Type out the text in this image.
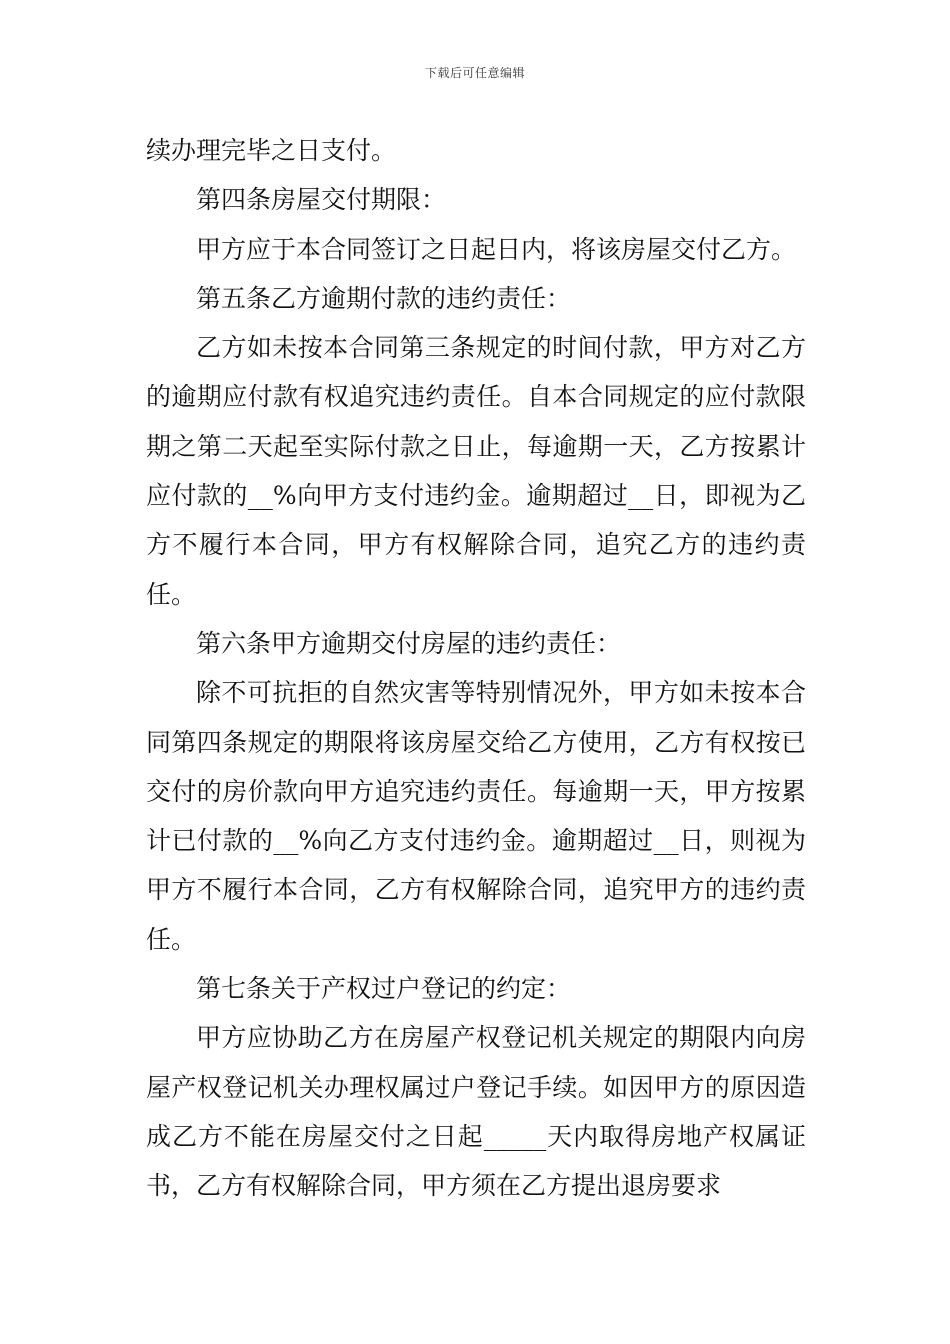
下载后可任意编辑

续办理完毕之日支付。

第四条房屋交付期限：

甲方应于本合同签订之日起日内，将该房屋交付乙方。

第五条乙方逾期付款的违约责任：

乙方如未按本合同第三条规定的时间付款，甲方对乙方的逾期应付款有权追究违约责任。自本合同规定的应付款限期之第二天起至实际付款之日止，每逾期一天，乙方按累计应付款的__%向甲方支付违约金。逾期超过__日，即视为乙方不履行本合同，甲方有权解除合同，追究乙方的违约责任。

第六条甲方逾期交付房屋的违约责任：

除不可抗拒的自然灾害等特别情况外，甲方如未按本合同第四条规定的期限将该房屋交给乙方使用，乙方有权按已交付的房价款向甲方追究违约责任。每逾期一天，甲方按累计已付款的__%向乙方支付违约金。逾期超过__日，则视为甲方不履行本合同，乙方有权解除合同，追究甲方的违约责任。

第七条关于产权过户登记的约定：

甲方应协助乙方在房屋产权登记机关规定的期限内向房屋产权登记机关办理权属过户登记手续。如因甲方的原因造成乙方不能在房屋交付之日起_____天内取得房地产权属证书，乙方有权解除合同，甲方须在乙方提出退房要求
